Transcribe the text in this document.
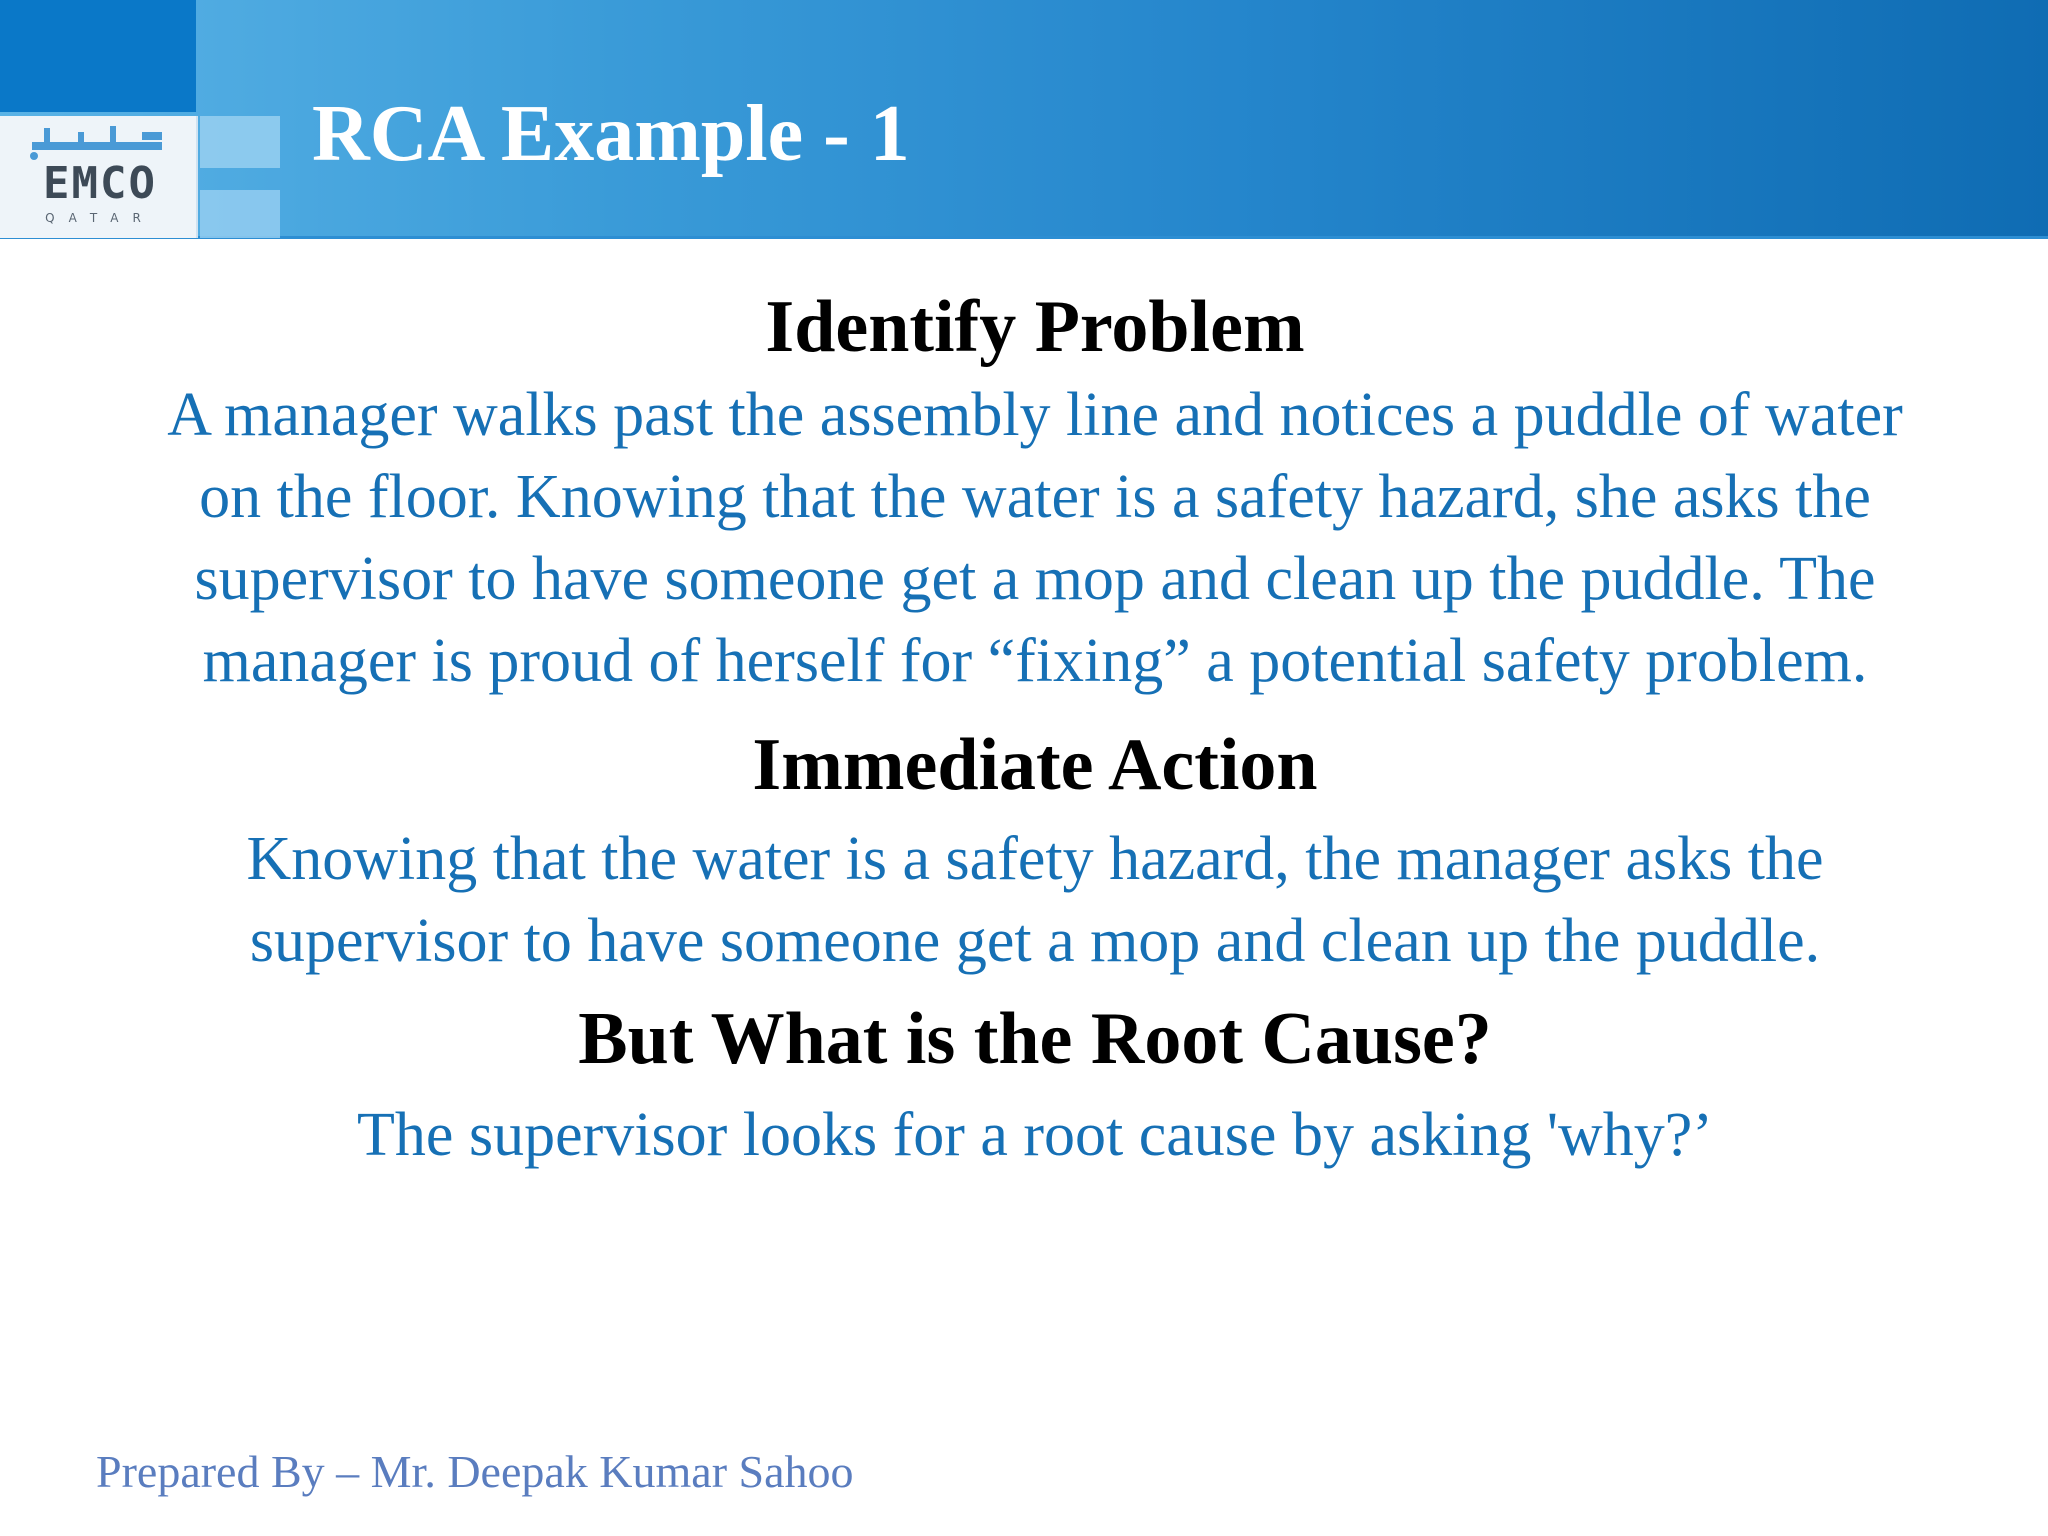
EMCO
QATAR
RCA Example - 1

Identify Problem

A manager walks past the assembly line and notices a puddle of water on the floor. Knowing that the water is a safety hazard, she asks the supervisor to have someone get a mop and clean up the puddle. The manager is proud of herself for “fixing” a potential safety problem.

Immediate Action

Knowing that the water is a safety hazard, the manager asks the supervisor to have someone get a mop and clean up the puddle.

But What is the Root Cause?

The supervisor looks for a root cause by asking 'why?’

Prepared By – Mr. Deepak Kumar Sahoo
